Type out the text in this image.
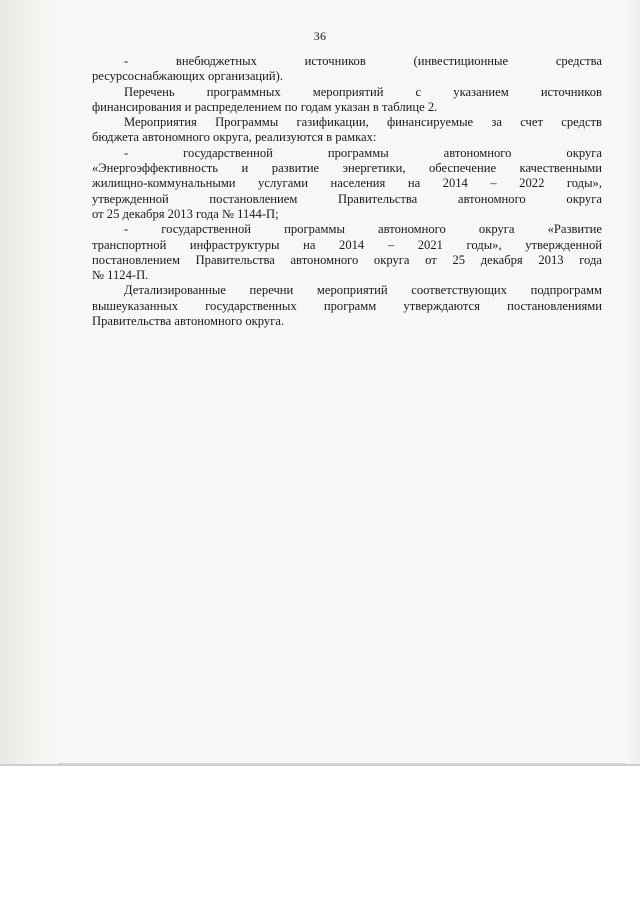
36
- внебюджетных источников (инвестиционные средства
ресурсоснабжающих организаций).
Перечень программных мероприятий с указанием источников
финансирования и распределением по годам указан в таблице 2.
Мероприятия Программы газификации, финансируемые за счет средств
бюджета автономного округа, реализуются в рамках:
- государственной программы автономного округа
«Энергоэффективность и развитие энергетики, обеспечение качественными
жилищно-коммунальными услугами населения на 2014 – 2022 годы»,
утвержденной постановлением Правительства автономного округа
от 25 декабря 2013 года № 1144-П;
- государственной программы автономного округа «Развитие
транспортной инфраструктуры на 2014 – 2021 годы», утвержденной
постановлением Правительства автономного округа от 25 декабря 2013 года
№ 1124-П.
Детализированные перечни мероприятий соответствующих подпрограмм
вышеуказанных государственных программ утверждаются постановлениями
Правительства автономного округа.
